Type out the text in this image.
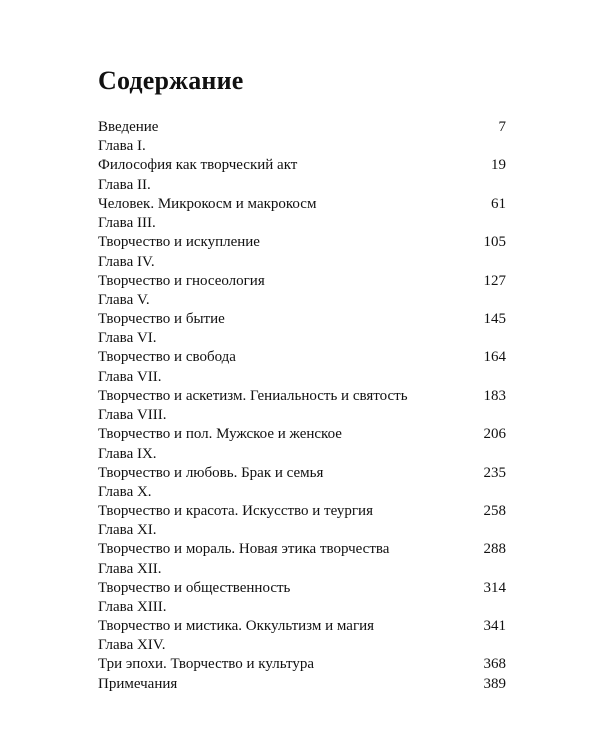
Содержание
Введение	7
Глава I.
Философия как творческий акт	19
Глава II.
Человек. Микрокосм и макрокосм	61
Глава III.
Творчество и искупление	105
Глава IV.
Творчество и гносеология	127
Глава V.
Творчество и бытие	145
Глава VI.
Творчество и свобода	164
Глава VII.
Творчество и аскетизм. Гениальность и святость	183
Глава VIII.
Творчество и пол. Мужское и женское	206
Глава IX.
Творчество и любовь. Брак и семья	235
Глава X.
Творчество и красота. Искусство и теургия	258
Глава XI.
Творчество и мораль. Новая этика творчества	288
Глава XII.
Творчество и общественность	314
Глава XIII.
Творчество и мистика. Оккультизм и магия	341
Глава XIV.
Три эпохи. Творчество и культура	368
Примечания	389
